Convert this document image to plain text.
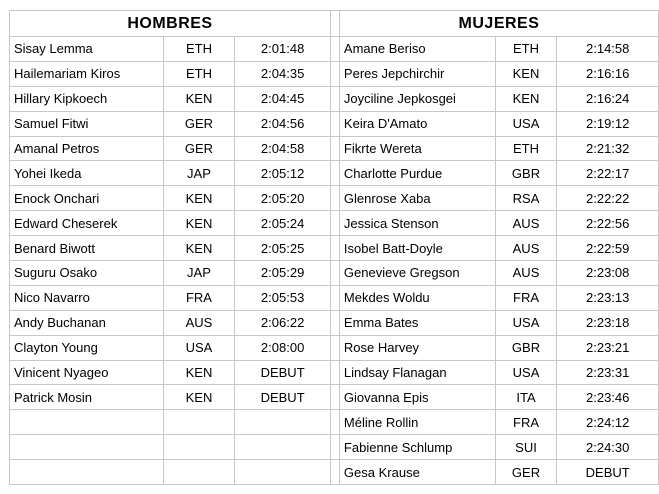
HOMBRES				MUJERES		
Sisay Lemma	ETH	2:01:48		Amane Beriso	ETH	2:14:58
Hailemariam Kiros	ETH	2:04:35		Peres Jepchirchir	KEN	2:16:16
Hillary Kipkoech	KEN	2:04:45		Joyciline Jepkosgei	KEN	2:16:24
Samuel Fitwi	GER	2:04:56		Keira D'Amato	USA	2:19:12
Amanal Petros	GER	2:04:58		Fikrte Wereta	ETH	2:21:32
Yohei Ikeda	JAP	2:05:12		Charlotte Purdue	GBR	2:22:17
Enock Onchari	KEN	2:05:20		Glenrose Xaba	RSA	2:22:22
Edward Cheserek	KEN	2:05:24		Jessica Stenson	AUS	2:22:56
Benard Biwott	KEN	2:05:25		Isobel Batt-Doyle	AUS	2:22:59
Suguru Osako	JAP	2:05:29		Genevieve Gregson	AUS	2:23:08
Nico Navarro	FRA	2:05:53		Mekdes Woldu	FRA	2:23:13
Andy Buchanan	AUS	2:06:22		Emma Bates	USA	2:23:18
Clayton Young	USA	2:08:00		Rose Harvey	GBR	2:23:21
Vinicent Nyageo	KEN	DEBUT		Lindsay Flanagan	USA	2:23:31
Patrick Mosin	KEN	DEBUT		Giovanna Epis	ITA	2:23:46
				Méline Rollin	FRA	2:24:12
				Fabienne Schlump	SUI	2:24:30
				Gesa Krause	GER	DEBUT
